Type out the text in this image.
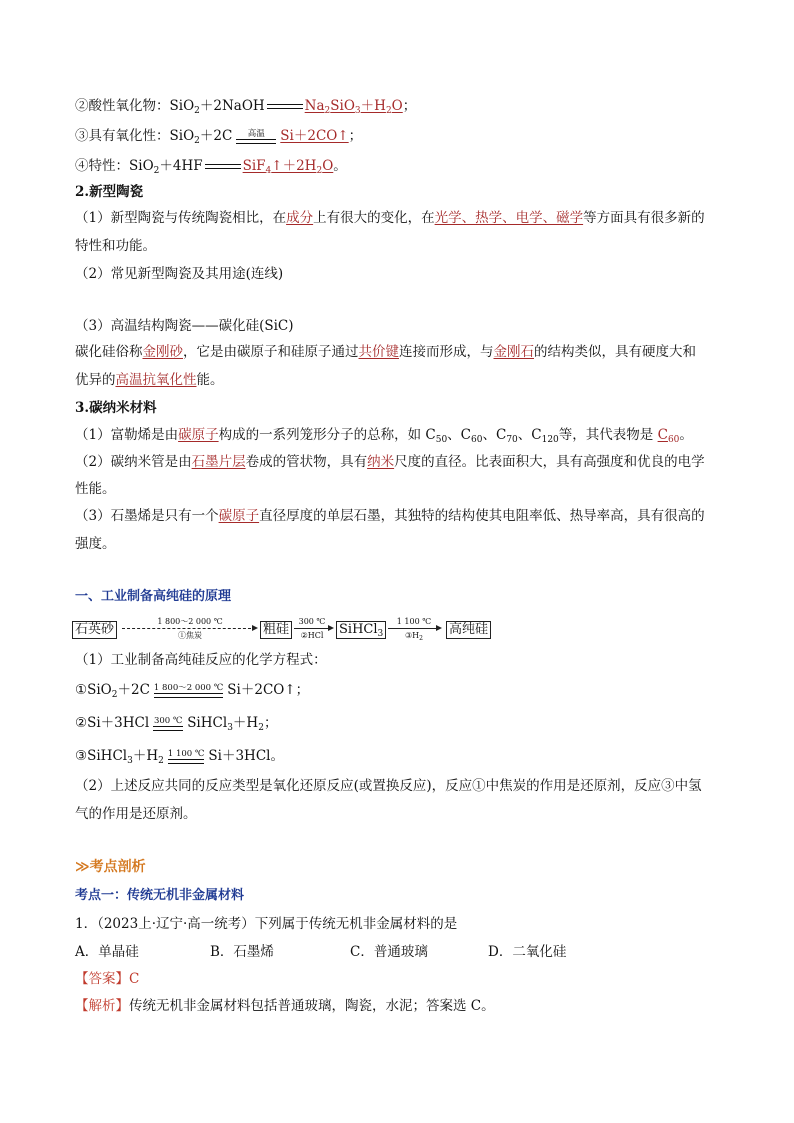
②酸性氧化物：SiO$_2$＋2NaOH	$Na_2SiO_3+H_2O$；
③具有氧化性：SiO$_2$＋2C	高温	Si＋2CO↑；
④特性：SiO$_2$＋4HF	$SiF_4↑+2H_2O$。
2.新型陶瓷
（1）新型陶瓷与传统陶瓷相比，在成分上有很大的变化，在光学、热学、电学、磁学等方面具有很多新的
特性和功能。
（2）常见新型陶瓷及其用途(连线)
（3）高温结构陶瓷——碳化硅(SiC)
碳化硅俗称金刚砂，它是由碳原子和硅原子通过共价键连接而形成，与金刚石的结构类似，具有硬度大和
优异的高温抗氧化性能。
3.碳纳米材料
（1）富勒烯是由碳原子构成的一系列笼形分子的总称，如 $C_{50}$、$C_{60}$、$C_{70}$、$C_{120}$等，其代表物是 $C_{60}$。
（2）碳纳米管是由石墨片层卷成的管状物，具有纳米尺度的直径。比表面积大，具有高强度和优良的电学
性能。
（3）石墨烯是只有一个碳原子直径厚度的单层石墨，其独特的结构使其电阻率低、热导率高，具有很高的
强度。
一、工业制备高纯硅的原理
石英砂
1 800～2 000 ℃
①焦炭	粗硅
300 ℃
②HCl	SiHCl$_3$
1 100 ℃
$③H_2$
高纯硅
（1）工业制备高纯硅反应的化学方程式：
①SiO$_2$＋2C 1 800～2 000 ℃ Si＋2CO↑；
②Si＋3HCl 300 ℃ $SiHCl_3+H_2$；
$③SiHCl_3+H_2$
1 100 ℃ Si＋3HCl。
（2）上述反应共同的反应类型是氧化还原反应(或置换反应)，反应①中焦炭的作用是还原剂，反应③中氢
气的作用是还原剂。
≫考点剖析
考点一：传统无机非金属材料
1．（2023上·辽宁·高一统考）下列属于传统无机非金属材料的是
A．单晶硅	B．石墨烯	C．普通玻璃	D．二氧化硅
【答案】C
【解析】传统无机非金属材料包括普通玻璃，陶瓷，水泥；答案选 C。
